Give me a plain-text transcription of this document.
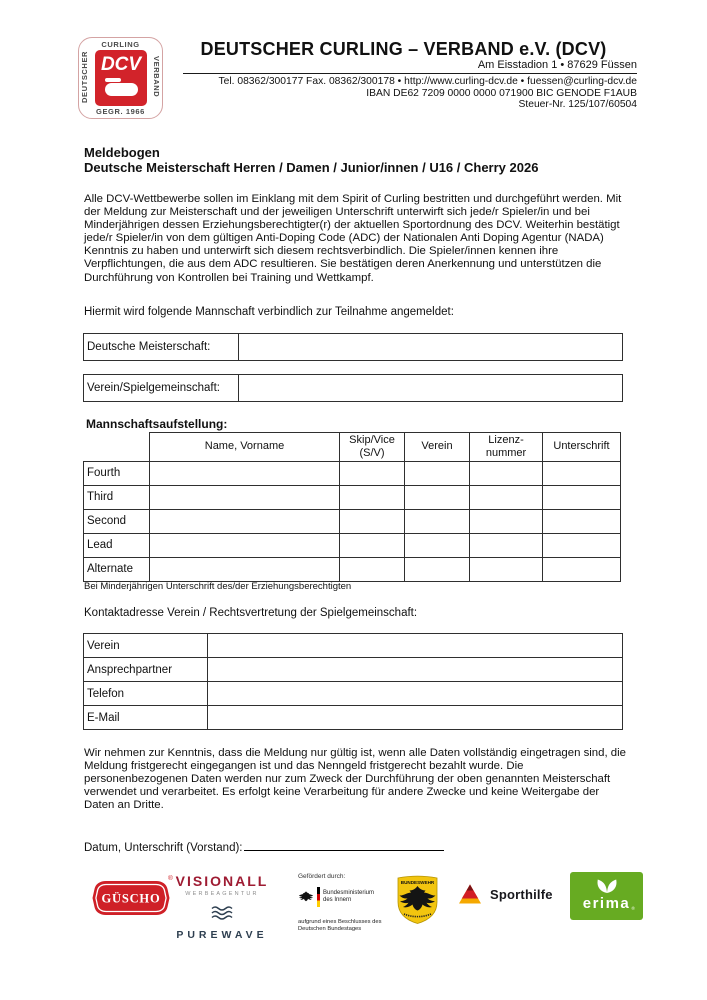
CURLING
DEUTSCHER	VERBAND
GEGR. 1966
DCV
DEUTSCHER CURLING – VERBAND e.V. (DCV)
Am Eisstadion 1 • 87629 Füssen
Tel. 08362/300177 Fax. 08362/300178 • http://www.curling-dcv.de • fuessen@curling-dcv.de
IBAN DE62 7209 0000 0000 071900 BIC GENODE F1AUB
Steuer-Nr. 125/107/60504
Meldebogen
Deutsche Meisterschaft Herren / Damen / Junior/innen / U16 / Cherry 2026
Alle DCV-Wettbewerbe sollen im Einklang mit dem Spirit of Curling bestritten und durchgeführt werden. Mit der Meldung zur Meisterschaft und der jeweiligen Unterschrift unterwirft sich jede/r Spieler/in und bei Minderjährigen dessen Erziehungsberechtigter(r) der aktuellen Sportordnung des DCV. Weiterhin bestätigt jede/r Spieler/in von dem gültigen Anti-Doping Code (ADC) der Nationalen Anti Doping Agentur (NADA) Kenntnis zu haben und unterwirft sich diesem rechtsverbindlich. Die Spieler/innen kennen ihre Verpflichtungen, die aus dem ADC resultieren. Sie bestätigen deren Anerkennung und unterstützen die Durchführung von Kontrollen bei Training und Wettkampf.
Hiermit wird folgende Mannschaft verbindlich zur Teilnahme angemeldet:
Deutsche Meisterschaft:	
Verein/Spielgemeinschaft:	
Mannschaftsaufstellung:
	Name, Vorname	Skip/Vice (S/V)	Verein	Lizenz-nummer	Unterschrift
Fourth					
Third					
Second					
Lead					
Alternate					
Bei Minderjährigen Unterschrift des/der Erziehungsberechtigten
Kontaktadresse Verein / Rechtsvertretung der Spielgemeinschaft:
Verein	
Ansprechpartner	
Telefon	
E-Mail	
Wir nehmen zur Kenntnis, dass die Meldung nur gültig ist, wenn alle Daten vollständig eingetragen sind, die Meldung fristgerecht eingegangen ist und das Nenngeld fristgerecht bezahlt wurde. Die personenbezogenen Daten werden nur zum Zweck der Durchführung der oben genannten Meisterschaft verwendet und verarbeitet. Es erfolgt keine Verarbeitung für andere Zwecke und keine Weitergabe der Daten an Dritte.
Datum, Unterschrift (Vorstand):
GÜSCHO
® VISIONALL
WERBEAGENTUR
PUREWAVE
Gefördert durch:
Bundesministerium des Innern
aufgrund eines Beschlusses des Deutschen Bundestages
BUNDESWEHR
Sporthilfe
erima ®
